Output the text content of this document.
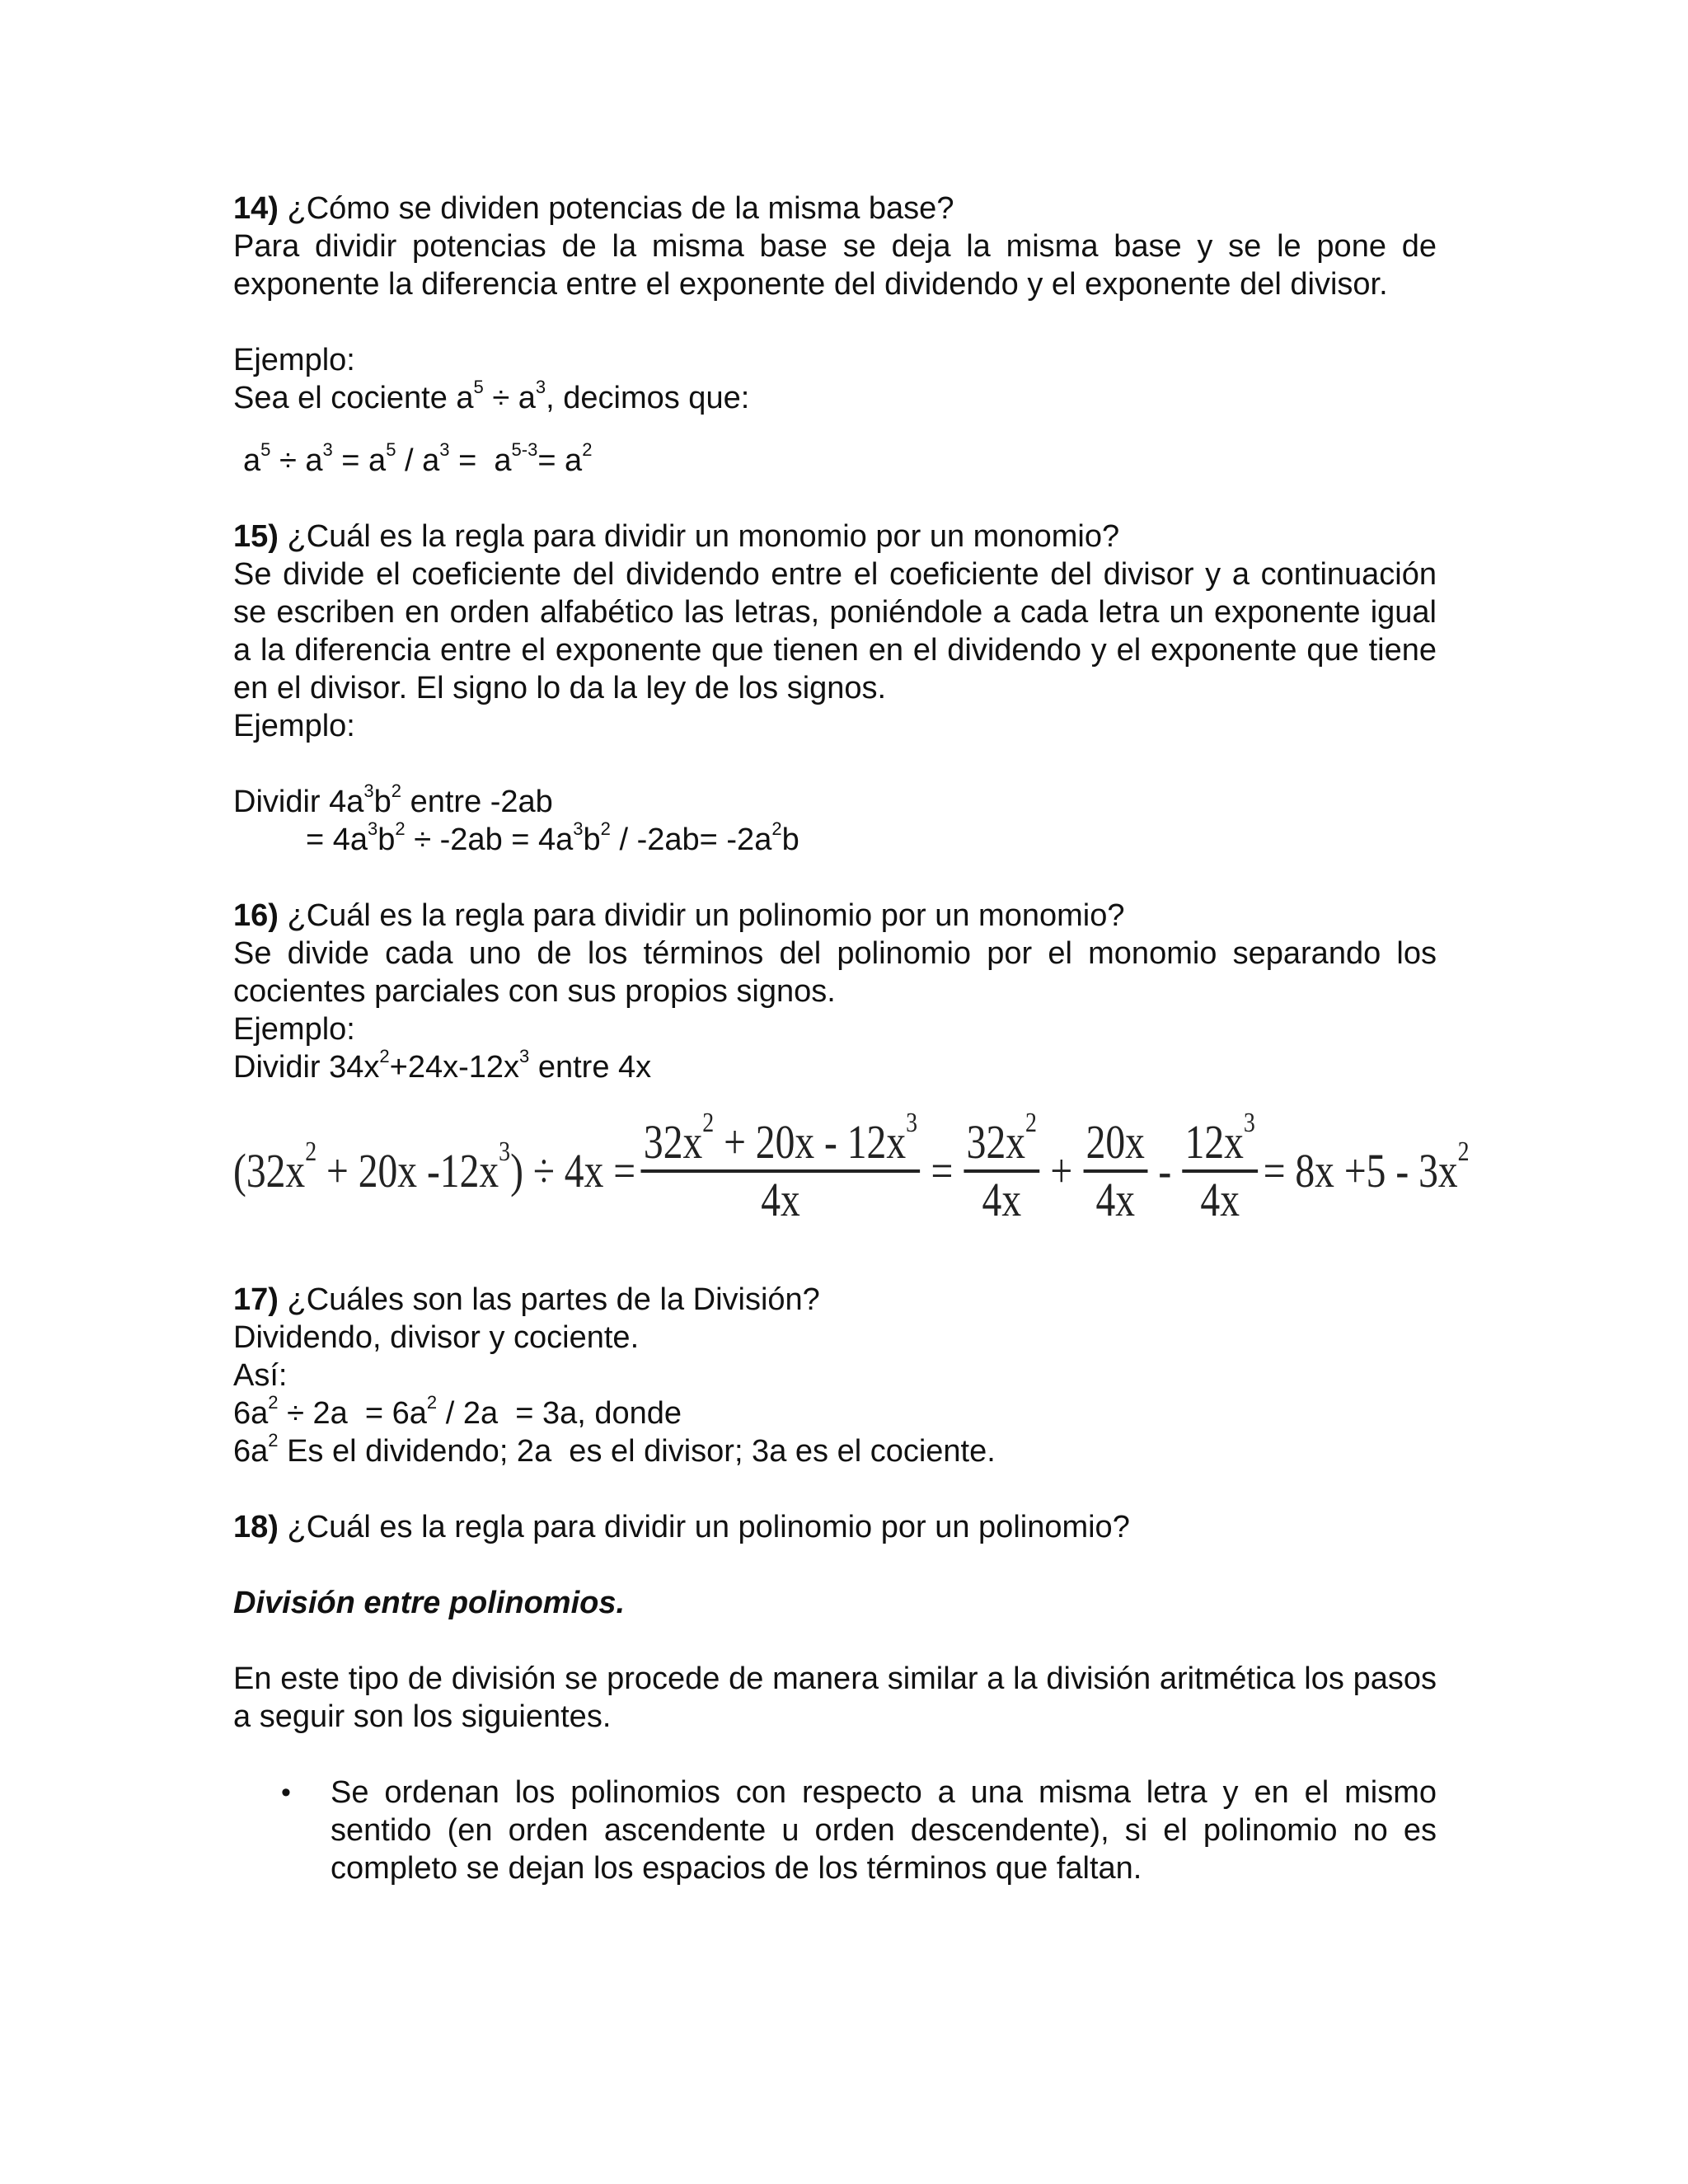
14) ¿Cómo se dividen potencias de la misma base?

Para dividir potencias de la misma base se deja la misma base y se le pone de exponente la diferencia entre el exponente del dividendo y el exponente del divisor.

Ejemplo:

Sea el cociente $a^5 \div a^3$, decimos que:

$a^5 \div a^3 = a^5 / a^3 = a^{5-3}= a^2$

15) ¿Cuál es la regla para dividir un monomio por un monomio?

Se divide el coeficiente del dividendo entre el coeficiente del divisor y a continuación se escriben en orden alfabético las letras, poniéndole a cada letra un exponente igual a la diferencia entre el exponente que tienen en el dividendo y el exponente que tiene en el divisor. El signo lo da la ley de los signos.

Ejemplo:

Dividir $4a^3b^2$ entre -2ab

= $4a^3b^2 \div -2ab = 4a^3b^2 / -2ab= -2a^2b$

16) ¿Cuál es la regla para dividir un polinomio por un monomio?

Se divide cada uno de los términos del polinomio por el monomio separando los cocientes parciales con sus propios signos.

Ejemplo:

Dividir $34x^2+24x-12x^3$ entre 4x

($32x^2 + 20x$ $-12x^3) \div 4x = \frac{32x^2 + 20x - 12x^3}{4x} = \frac{32x^2}{4x} + \frac{20x}{4x} - \frac{12x^3}{4x} = 8x +5 - 3x^2$

17) ¿Cuáles son las partes de la División?

Dividendo, divisor y cociente.

Así:

$6a^2 \div 2a = 6a^2 / 2a = 3a$, donde

$6a^2$ Es el dividendo; 2a  es el divisor; 3a es el cociente.

18) ¿Cuál es la regla para dividir un polinomio por un polinomio?

División entre polinomios.

En este tipo de división se procede de manera similar a la división aritmética los pasos a seguir son los siguientes.

•	Se ordenan los polinomios con respecto a una misma letra y en el mismo sentido (en orden ascendente u orden descendente), si el polinomio no es completo se dejan los espacios de los términos que faltan.
